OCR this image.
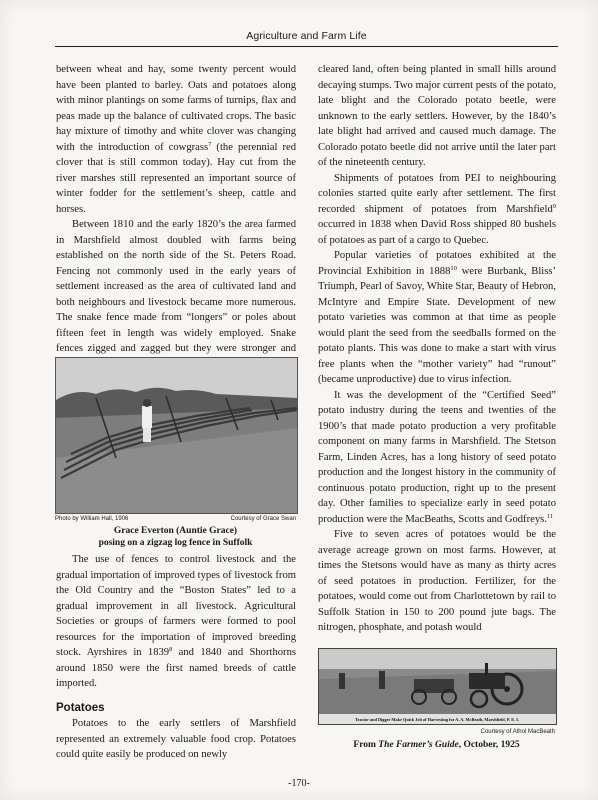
Agriculture and Farm Life

between wheat and hay, some twenty percent would have been planted to barley. Oats and potatoes along with minor plantings on some farms of turnips, flax and peas made up the balance of cultivated crops. The basic hay mixture of timothy and white clover was changing with the introduction of cowgrass$^7$ (the perennial red clover that is still common today). Hay cut from the river marshes still represented an important source of winter fodder for the settlement’s sheep, cattle and horses.

Between 1810 and the early 1820’s the area farmed in Marshfield almost doubled with farms being established on the north side of the St. Peters Road. Fencing not commonly used in the early years of settlement increased as the area of cultivated land and both neighbours and livestock became more numerous. The snake fence made from “longers” or poles about fifteen feet in length was widely employed. Snake fences zigged and zagged but they were stronger and

Photo by William Hall, 1906	Courtesy of Grace Swan
Grace Everton (Auntie Grace)
posing on a zigzag log fence in Suffolk

The use of fences to control livestock and the gradual importation of improved types of livestock from the Old Country and the “Boston States” led to a gradual improvement in all livestock. Agricultural Societies or groups of farmers were formed to pool resources for the importation of improved breeding stock. Ayrshires in 1839$^8$ and 1840 and Shorthorns around 1850 were the first named breeds of cattle imported.

Potatoes

Potatoes to the early settlers of Marshfield represented an extremely valuable food crop. Potatoes could quite easily be produced on newly

cleared land, often being planted in small hills around decaying stumps. Two major current pests of the potato, late blight and the Colorado potato beetle, were unknown to the early settlers. However, by the 1840’s late blight had arrived and caused much damage. The Colorado potato beetle did not arrive until the later part of the nineteenth century.

Shipments of potatoes from PEI to neighbouring colonies started quite early after settlement. The first recorded shipment of potatoes from Marshfield$^9$ occurred in 1838 when David Ross shipped 80 bushels of potatoes as part of a cargo to Quebec.

Popular varieties of potatoes exhibited at the Provincial Exhibition in 1888$^{10}$ were Burbank, Bliss’ Triumph, Pearl of Savoy, White Star, Beauty of Hebron, McIntyre and Empire State. Development of new potato varieties was common at that time as people would plant the seed from the seedballs formed on the potato plants. This was done to make a start with virus free plants when the “mother variety” had “runout” (became unproductive) due to virus infection.

It was the development of the “Certified Seed” potato industry during the teens and twenties of the 1900’s that made potato production a very profitable component on many farms in Marshfield. The Stetson Farm, Linden Acres, has a long history of seed potato production and the longest history in the community of continuous potato production, right up to the present day. Other families to specialize early in seed potato production were the MacBeaths, Scotts and Godfreys.$^{11}$

Five to seven acres of potatoes would be the average acreage grown on most farms. However, at times the Stetsons would have as many as thirty acres of seed potatoes in production. Fertilizer, for the potatoes, would come out from Charlottetown by rail to Suffolk Station in 150 to 200 pound jute bags. The nitrogen, phosphate, and potash would

Tractor and Digger Make Quick Job of Harvesting for A. A. McBeath, Marshfield, P. E. I.
Courtesy of Athol MacBeath
From The Farmer’s Guide, October, 1925
-170-
